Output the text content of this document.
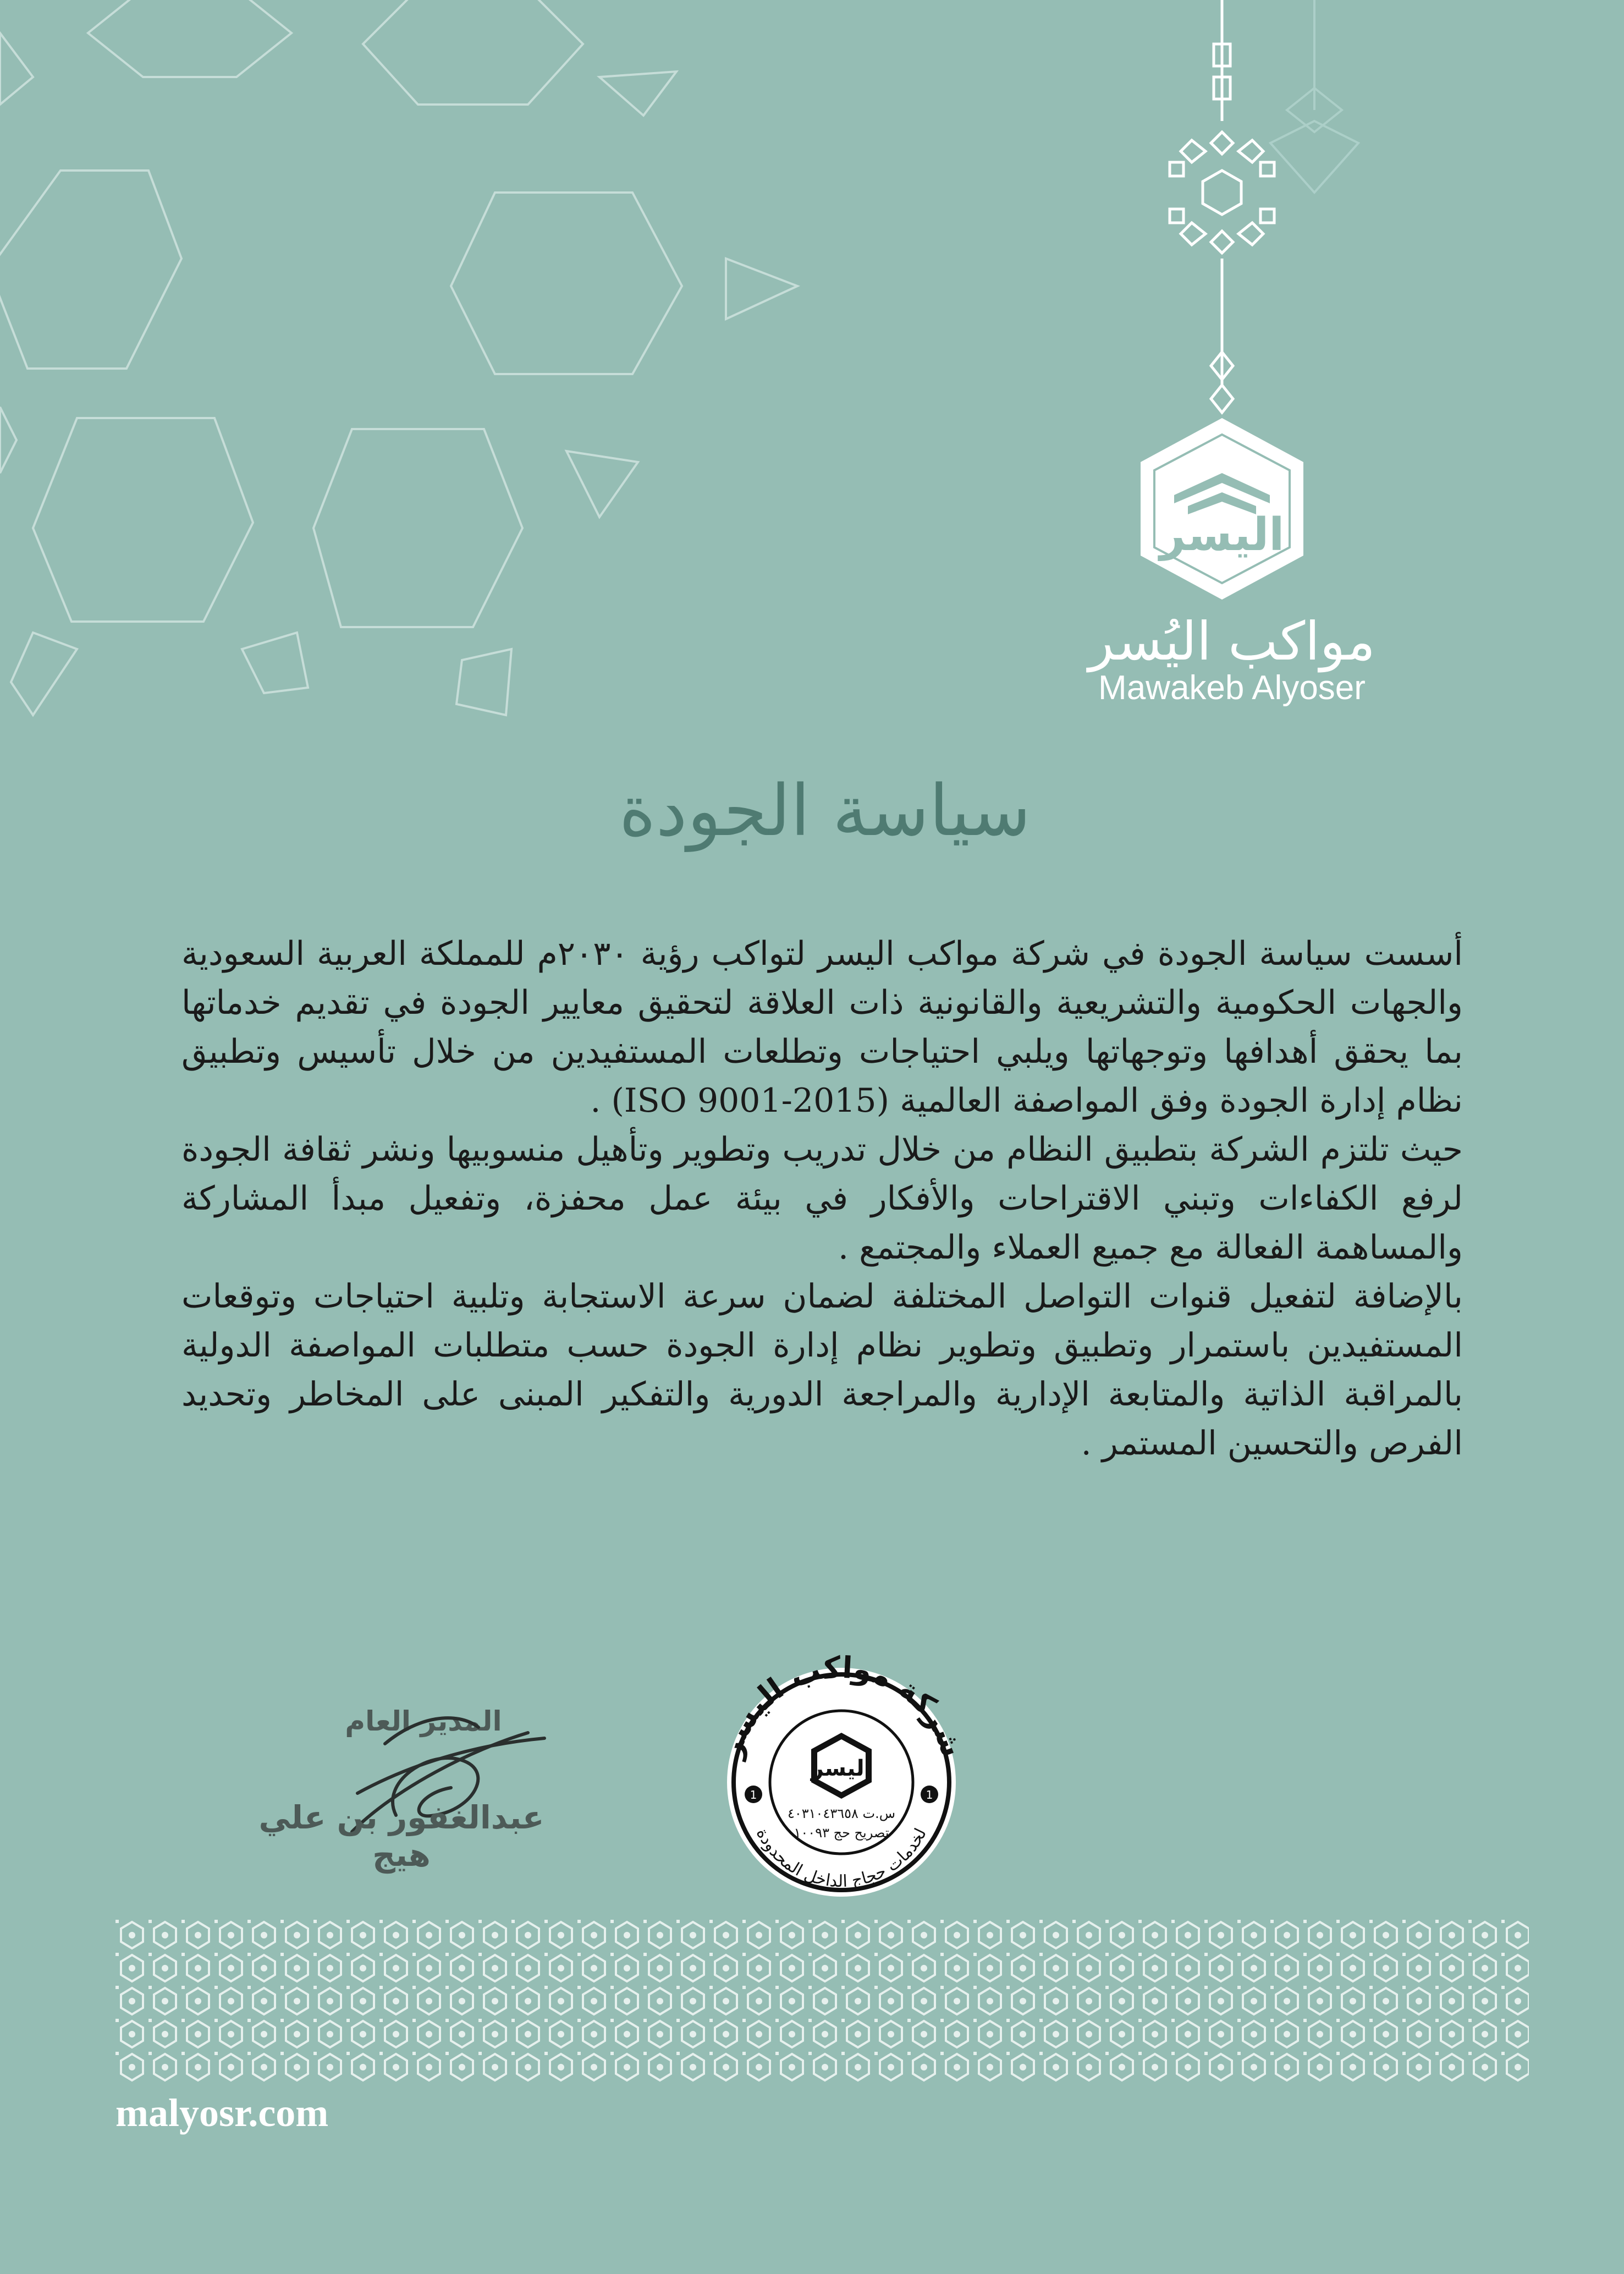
اليسر
مواكب اليُسر
Mawakeb Alyoser
سياسة الجودة

أسست سياسة الجودة في شركة مواكب اليسر لتواكب رؤية ٢٠٣٠م للمملكة العربية السعودية والجهات الحكومية والتشريعية والقانونية ذات العلاقة لتحقيق معايير الجودة في تقديم خدماتها بما يحقق أهدافها وتوجهاتها ويلبي احتياجات وتطلعات المستفيدين من خلال تأسيس وتطبيق نظام إدارة الجودة وفق المواصفة العالمية (ISO 9001-2015) .

حيث تلتزم الشركة بتطبيق النظام من خلال تدريب وتطوير وتأهيل منسوبيها ونشر ثقافة الجودة لرفع الكفاءات وتبني الاقتراحات والأفكار في بيئة عمل محفزة، وتفعيل مبدأ المشاركة والمساهمة الفعالة مع جميع العملاء والمجتمع .

بالإضافة لتفعيل قنوات التواصل المختلفة لضمان سرعة الاستجابة وتلبية احتياجات وتوقعات المستفيدين باستمرار وتطبيق وتطوير نظام إدارة الجودة حسب متطلبات المواصفة الدولية بالمراقبة الذاتية والمتابعة الإدارية والمراجعة الدورية والتفكير المبنى على المخاطر وتحديد الفرص والتحسين المستمر .

المدير العام
عبدالغفور بن علي هيج
شركة مواكب اليسر
لخدمات حجاج الداخل المحدودة
اليسر
س.ت ٤٠٣١٠٤٣٦٥٨
تصريح حج ١٠٠٩٣
1	1
malyosr.com
